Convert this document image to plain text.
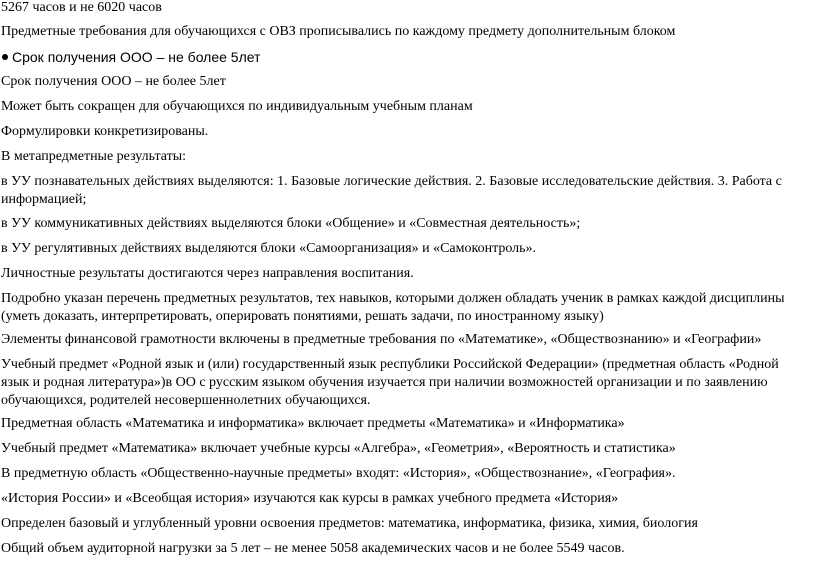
5267 часов и не 6020 часов

Предметные требования для обучающихся с ОВЗ прописывались по каждому предмету дополнительным блоком

Срок получения ООО – не более 5лет

Срок получения ООО – не более 5лет

Может быть сокращен для обучающихся по индивидуальным учебным планам

Формулировки конкретизированы.

В метапредметные результаты:

в УУ познавательных действиях выделяются: 1. Базовые логические действия. 2. Базовые исследовательские действия. 3. Работа с информацией;

в УУ коммуникативных действиях выделяются блоки «Общение» и «Совместная деятельность»;

в УУ регулятивных действиях выделяются блоки «Самоорганизация» и «Самоконтроль».

Личностные результаты достигаются через направления воспитания.

Подробно указан перечень предметных результатов, тех навыков, которыми должен обладать ученик в рамках каждой дисциплины (уметь доказать, интерпретировать, оперировать понятиями, решать задачи, по иностранному языку)

Элементы финансовой грамотности включены в предметные требования по «Математике», «Обществознанию» и «Географии»

Учебный предмет «Родной язык и (или) государственный язык республики Российской Федерации» (предметная область «Родной язык и родная литература»)в ОО с русским языком обучения изучается при наличии возможностей организации и по заявлению обучающихся, родителей несовершеннолетних обучающихся.

Предметная область «Математика и информатика» включает предметы «Математика» и «Информатика»

Учебный предмет «Математика» включает учебные курсы «Алгебра», «Геометрия», «Вероятность и статистика»

В предметную область «Общественно-научные предметы» входят: «История», «Обществознание», «География».

«История России» и «Всеобщая история» изучаются как курсы в рамках учебного предмета «История»

Определен базовый и углубленный уровни освоения предметов: математика, информатика, физика, химия, биология

Общий объем аудиторной нагрузки за 5 лет – не менее 5058 академических часов и не более 5549 часов.
